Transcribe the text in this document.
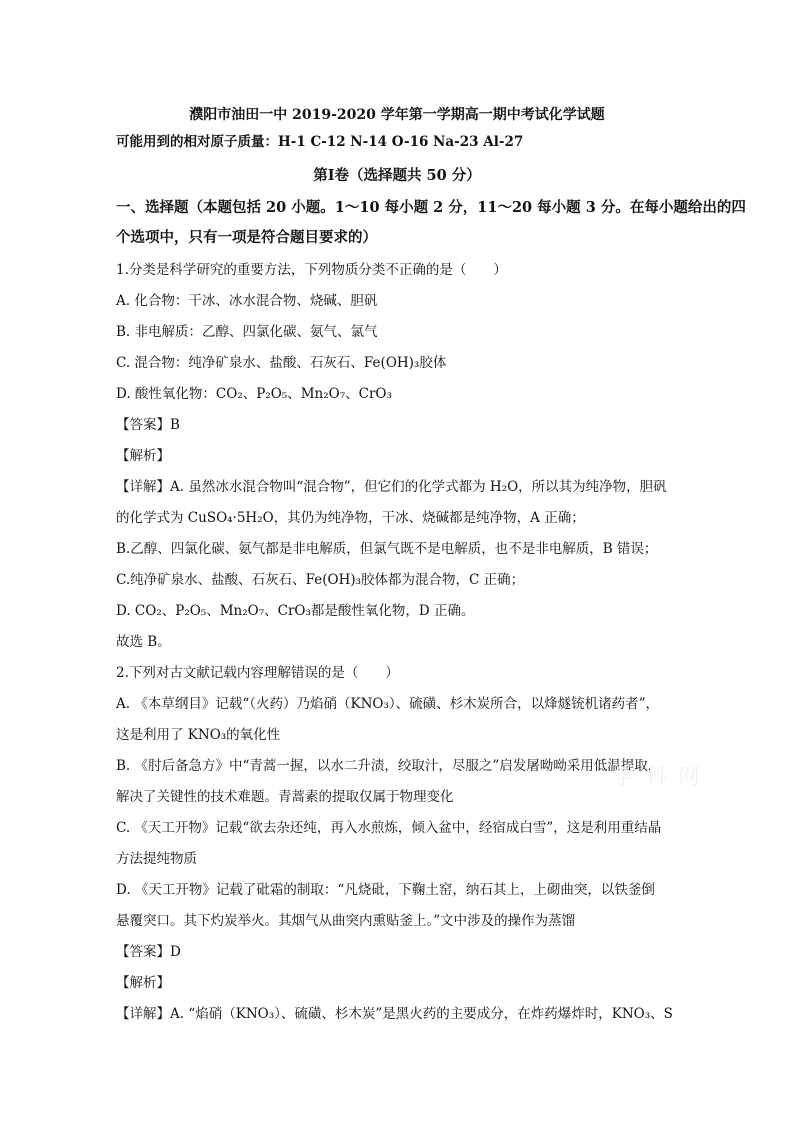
濮阳市油田一中 2019-2020 学年第一学期高一期中考试化学试题
可能用到的相对原子质量：H-1 C-12 N-14 O-16 Na-23 Al-27
第Ⅰ卷（选择题共 50 分）
一、选择题（本题包括 20 小题。1～10 每小题 2 分，11～20 每小题 3 分。在每小题给出的四
个选项中，只有一项是符合题目要求的）
1.分类是科学研究的重要方法，下列物质分类不正确的是（　　）
A. 化合物：干冰、冰水混合物、烧碱、胆矾
B. 非电解质：乙醇、四氯化碳、氨气、氯气
C. 混合物：纯净矿泉水、盐酸、石灰石、Fe(OH)₃胶体
D. 酸性氧化物：CO₂、P₂O₅、Mn₂O₇、CrO₃
【答案】B
【解析】
【详解】A. 虽然冰水混合物叫“混合物”，但它们的化学式都为 H₂O，所以其为纯净物，胆矾
的化学式为 CuSO₄·5H₂O，其仍为纯净物，干冰、烧碱都是纯净物，A 正确；
B.乙醇、四氯化碳、氨气都是非电解质，但氯气既不是电解质，也不是非电解质，B 错误；
C.纯净矿泉水、盐酸、石灰石、Fe(OH)₃胶体都为混合物，C 正确；
D. CO₂、P₂O₅、Mn₂O₇、CrO₃都是酸性氧化物，D 正确。
故选 B。
2.下列对古文献记载内容理解错误的是（　　）
A. 《本草纲目》记载“（火药）乃焰硝（KNO₃）、硫磺、杉木炭所合，以烽燧铳机诸药者”，
这是利用了 KNO₃的氧化性
B. 《肘后备急方》中“青蒿一握，以水二升渍，绞取汁，尽服之”启发屠呦呦采用低温提取，
解决了关键性的技术难题。青蒿素的提取仅属于物理变化
C. 《天工开物》记载“欲去杂还纯，再入水煎炼，倾入盆中，经宿成白雪”，这是利用重结晶
方法提纯物质
D. 《天工开物》记载了砒霜的制取：“凡烧砒，下鞠土窑，纳石其上，上砌曲突，以铁釜倒
悬覆突口。其下灼炭举火。其烟气从曲突内熏贴釜上。”文中涉及的操作为蒸馏
【答案】D
【解析】
【详解】A. “焰硝（KNO₃）、硫磺、杉木炭”是黑火药的主要成分，在炸药爆炸时，KNO₃、S
学 科 网
